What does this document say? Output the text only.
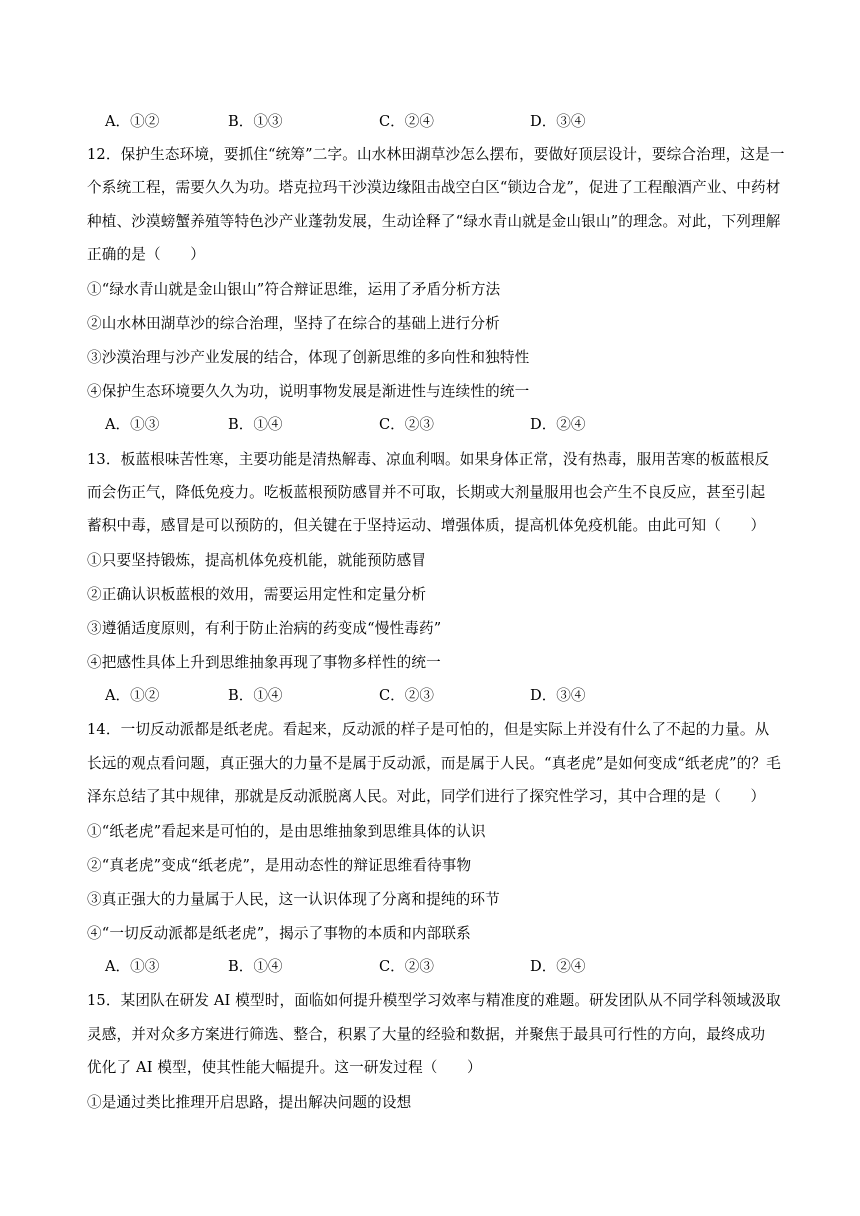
A．①②	B．①③	C．②④	D．③④
12．保护生态环境，要抓住“统筹”二字。山水林田湖草沙怎么摆布，要做好顶层设计，要综合治理，这是一
个系统工程，需要久久为功。塔克拉玛干沙漠边缘阻击战空白区“锁边合龙”，促进了工程酿酒产业、中药材
种植、沙漠螃蟹养殖等特色沙产业蓬勃发展，生动诠释了“绿水青山就是金山银山”的理念。对此，下列理解
正确的是（　　）
①“绿水青山就是金山银山”符合辩证思维，运用了矛盾分析方法
②山水林田湖草沙的综合治理，坚持了在综合的基础上进行分析
③沙漠治理与沙产业发展的结合，体现了创新思维的多向性和独特性
④保护生态环境要久久为功，说明事物发展是渐进性与连续性的统一
A．①③	B．①④	C．②③	D．②④
13．板蓝根味苦性寒，主要功能是清热解毒、凉血利咽。如果身体正常，没有热毒，服用苦寒的板蓝根反
而会伤正气，降低免疫力。吃板蓝根预防感冒并不可取，长期或大剂量服用也会产生不良反应，甚至引起
蓄积中毒，感冒是可以预防的，但关键在于坚持运动、增强体质，提高机体免疫机能。由此可知（　　）
①只要坚持锻炼，提高机体免疫机能，就能预防感冒
②正确认识板蓝根的效用，需要运用定性和定量分析
③遵循适度原则，有利于防止治病的药变成“慢性毒药”
④把感性具体上升到思维抽象再现了事物多样性的统一
A．①②	B．①④	C．②③	D．③④
14．一切反动派都是纸老虎。看起来，反动派的样子是可怕的，但是实际上并没有什么了不起的力量。从
长远的观点看问题，真正强大的力量不是属于反动派，而是属于人民。“真老虎”是如何变成“纸老虎”的？毛
泽东总结了其中规律，那就是反动派脱离人民。对此，同学们进行了探究性学习，其中合理的是（　　）
①“纸老虎”看起来是可怕的，是由思维抽象到思维具体的认识
②“真老虎”变成“纸老虎”，是用动态性的辩证思维看待事物
③真正强大的力量属于人民，这一认识体现了分离和提纯的环节
④“一切反动派都是纸老虎”，揭示了事物的本质和内部联系
A．①③	B．①④	C．②③	D．②④
15．某团队在研发 AI 模型时，面临如何提升模型学习效率与精准度的难题。研发团队从不同学科领域汲取
灵感，并对众多方案进行筛选、整合，积累了大量的经验和数据，并聚焦于最具可行性的方向，最终成功
优化了 AI 模型，使其性能大幅提升。这一研发过程（　　）
①是通过类比推理开启思路，提出解决问题的设想
